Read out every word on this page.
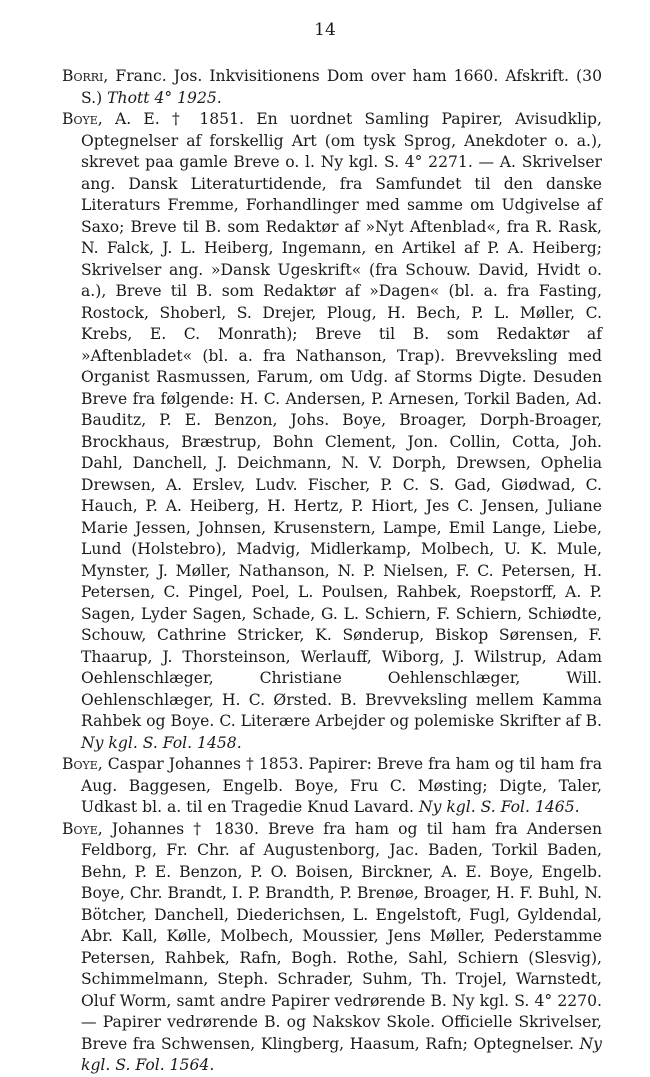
14

Borri, Franc. Jos. Inkvisitionens Dom over ham 1660. Afskrift. (30 S.) Thott 4° 1925.

Boye, A. E. † 1851. En uordnet Samling Papirer, Avisudklip, Optegnelser af forskellig Art (om tysk Sprog, Anekdoter o. a.), skrevet paa gamle Breve o. l. Ny kgl. S. 4° 2271. — A. Skrivelser ang. Dansk Literaturtidende, fra Samfundet til den danske Literaturs Fremme, Forhandlinger med samme om Udgivelse af Saxo; Breve til B. som Redaktør af »Nyt Aftenblad«, fra R. Rask, N. Falck, J. L. Heiberg, Ingemann, en Artikel af P. A. Heiberg; Skrivelser ang. »Dansk Ugeskrift« (fra Schouw. David, Hvidt o. a.), Breve til B. som Redaktør af »Dagen« (bl. a. fra Fasting, Rostock, Shoberl, S. Drejer, Ploug, H. Bech, P. L. Møller, C. Krebs, E. C. Monrath); Breve til B. som Redaktør af »Aftenbladet« (bl. a. fra Nathanson, Trap). Brevveksling med Organist Rasmussen, Farum, om Udg. af Storms Digte. Desuden Breve fra følgende: H. C. Andersen, P. Arnesen, Torkil Baden, Ad. Bauditz, P. E. Benzon, Johs. Boye, Broager, Dorph-Broager, Brockhaus, Bræstrup, Bohn Clement, Jon. Collin, Cotta, Joh. Dahl, Danchell, J. Deichmann, N. V. Dorph, Drewsen, Ophelia Drewsen, A. Erslev, Ludv. Fischer, P. C. S. Gad, Giødwad, C. Hauch, P. A. Heiberg, H. Hertz, P. Hiort, Jes C. Jensen, Juliane Marie Jessen, Johnsen, Krusenstern, Lampe, Emil Lange, Liebe, Lund (Holstebro), Madvig, Midlerkamp, Molbech, U. K. Mule, Mynster, J. Møller, Nathanson, N. P. Nielsen, F. C. Petersen, H. Petersen, C. Pingel, Poel, L. Poulsen, Rahbek, Roepstorff, A. P. Sagen, Lyder Sagen, Schade, G. L. Schiern, F. Schiern, Schiødte, Schouw, Cathrine Stricker, K. Sønderup, Biskop Sørensen, F. Thaarup, J. Thorsteinson, Werlauff, Wiborg, J. Wilstrup, Adam Oehlenschlæger, Christiane Oehlenschlæger, Will. Oehlenschlæger, H. C. Ørsted. B. Brevveksling mellem Kamma Rahbek og Boye. C. Literære Arbejder og polemiske Skrifter af B. Ny kgl. S. Fol. 1458.

Boye, Caspar Johannes † 1853. Papirer: Breve fra ham og til ham fra Aug. Baggesen, Engelb. Boye, Fru C. Møsting; Digte, Taler, Udkast bl. a. til en Tragedie Knud Lavard. Ny kgl. S. Fol. 1465.

Boye, Johannes † 1830. Breve fra ham og til ham fra Andersen Feldborg, Fr. Chr. af Augustenborg, Jac. Baden, Torkil Baden, Behn, P. E. Benzon, P. O. Boisen, Birckner, A. E. Boye, Engelb. Boye, Chr. Brandt, I. P. Brandth, P. Brenøe, Broager, H. F. Buhl, N. Bötcher, Danchell, Diederichsen, L. Engelstoft, Fugl, Gyldendal, Abr. Kall, Kølle, Molbech, Moussier, Jens Møller, Pederstamme Petersen, Rahbek, Rafn, Bogh. Rothe, Sahl, Schiern (Slesvig), Schimmelmann, Steph. Schrader, Suhm, Th. Trojel, Warnstedt, Oluf Worm, samt andre Papirer vedrørende B. Ny kgl. S. 4° 2270. — Papirer vedrørende B. og Nakskov Skole. Officielle Skrivelser, Breve fra Schwensen, Klingberg, Haasum, Rafn; Optegnelser. Ny kgl. S. Fol. 1564.
